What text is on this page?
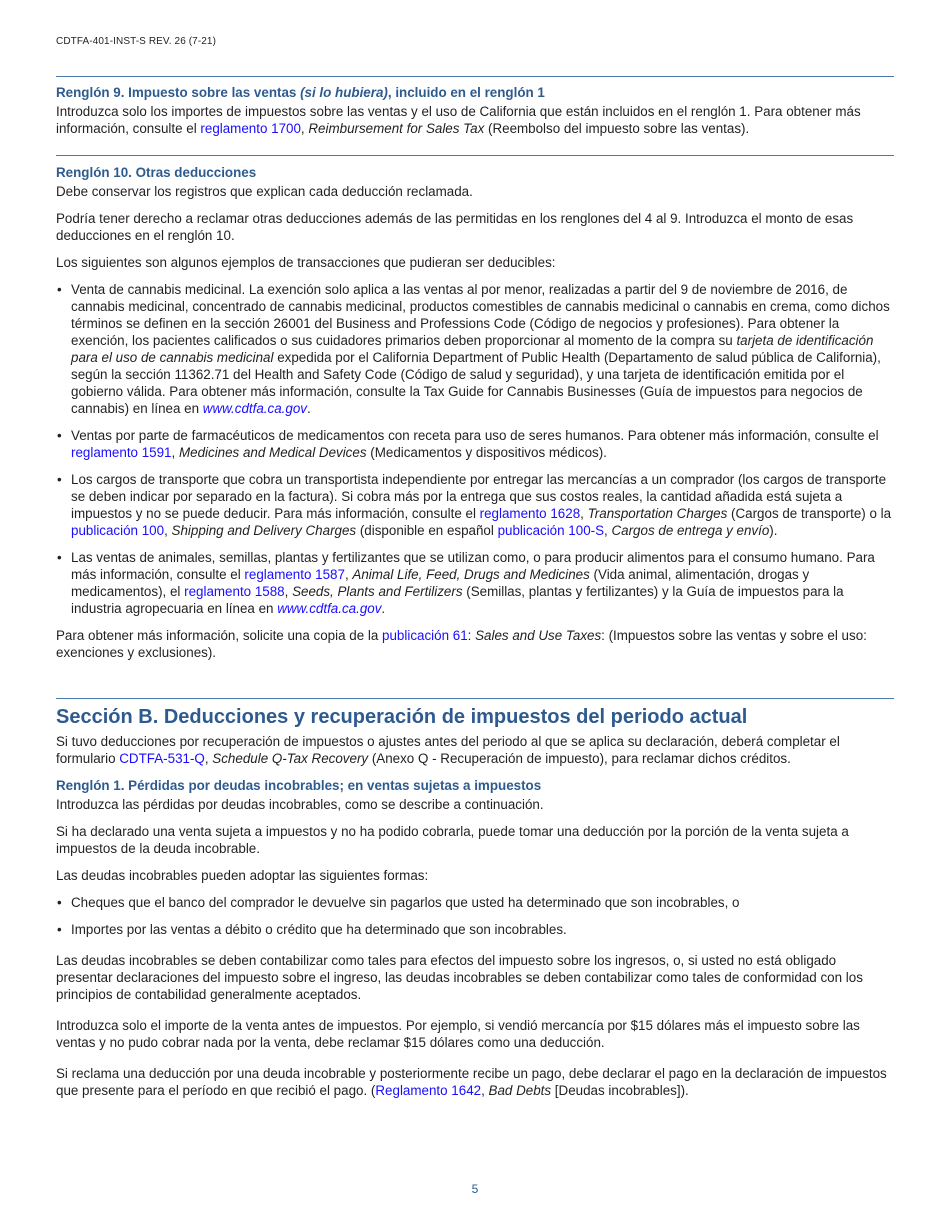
CDTFA-401-INST-S REV. 26 (7-21)
Renglón 9. Impuesto sobre las ventas (si lo hubiera), incluido en el renglón 1

Introduzca solo los importes de impuestos sobre las ventas y el uso de California que están incluidos en el renglón 1. Para obtener más información, consulte el reglamento 1700, Reimbursement for Sales Tax (Reembolso del impuesto sobre las ventas).

Renglón 10. Otras deducciones

Debe conservar los registros que explican cada deducción reclamada.

Podría tener derecho a reclamar otras deducciones además de las permitidas en los renglones del 4 al 9. Introduzca el monto de esas deducciones en el renglón 10.

Los siguientes son algunos ejemplos de transacciones que pudieran ser deducibles:

• Venta de cannabis medicinal. La exención solo aplica a las ventas al por menor, realizadas a partir del 9 de noviembre de 2016, de cannabis medicinal, concentrado de cannabis medicinal, productos comestibles de cannabis medicinal o cannabis en crema, como dichos términos se definen en la sección 26001 del Business and Professions Code (Código de negocios y profesiones). Para obtener la exención, los pacientes calificados o sus cuidadores primarios deben proporcionar al momento de la compra su tarjeta de identificación para el uso de cannabis medicinal expedida por el California Department of Public Health (Departamento de salud pública de California), según la sección 11362.71 del Health and Safety Code (Código de salud y seguridad), y una tarjeta de identificación emitida por el gobierno válida. Para obtener más información, consulte la Tax Guide for Cannabis Businesses (Guía de impuestos para negocios de cannabis) en línea en www.cdtfa.ca.gov.
• Ventas por parte de farmacéuticos de medicamentos con receta para uso de seres humanos. Para obtener más información, consulte el reglamento 1591, Medicines and Medical Devices (Medicamentos y dispositivos médicos).
• Los cargos de transporte que cobra un transportista independiente por entregar las mercancías a un comprador (los cargos de transporte se deben indicar por separado en la factura). Si cobra más por la entrega que sus costos reales, la cantidad añadida está sujeta a impuestos y no se puede deducir. Para más información, consulte el reglamento 1628, Transportation Charges (Cargos de transporte) o la publicación 100, Shipping and Delivery Charges (disponible en español publicación 100-S, Cargos de entrega y envío).
• Las ventas de animales, semillas, plantas y fertilizantes que se utilizan como, o para producir alimentos para el consumo humano. Para más información, consulte el reglamento 1587, Animal Life, Feed, Drugs and Medicines (Vida animal, alimentación, drogas y medicamentos), el reglamento 1588, Seeds, Plants and Fertilizers (Semillas, plantas y fertilizantes) y la Guía de impuestos para la industria agropecuaria en línea en www.cdtfa.ca.gov.

Para obtener más información, solicite una copia de la publicación 61: Sales and Use Taxes: (Impuestos sobre las ventas y sobre el uso: exenciones y exclusiones).

Sección B. Deducciones y recuperación de impuestos del periodo actual

Si tuvo deducciones por recuperación de impuestos o ajustes antes del periodo al que se aplica su declaración, deberá completar el formulario CDTFA-531-Q, Schedule Q-Tax Recovery (Anexo Q - Recuperación de impuesto), para reclamar dichos créditos.

Renglón 1. Pérdidas por deudas incobrables; en ventas sujetas a impuestos

Introduzca las pérdidas por deudas incobrables, como se describe a continuación.

Si ha declarado una venta sujeta a impuestos y no ha podido cobrarla, puede tomar una deducción por la porción de la venta sujeta a impuestos de la deuda incobrable.

Las deudas incobrables pueden adoptar las siguientes formas:

• Cheques que el banco del comprador le devuelve sin pagarlos que usted ha determinado que son incobrables, o
• Importes por las ventas a débito o crédito que ha determinado que son incobrables.

Las deudas incobrables se deben contabilizar como tales para efectos del impuesto sobre los ingresos, o, si usted no está obligado presentar declaraciones del impuesto sobre el ingreso, las deudas incobrables se deben contabilizar como tales de conformidad con los principios de contabilidad generalmente aceptados.

Introduzca solo el importe de la venta antes de impuestos. Por ejemplo, si vendió mercancía por $15 dólares más el impuesto sobre las ventas y no pudo cobrar nada por la venta, debe reclamar $15 dólares como una deducción.

Si reclama una deducción por una deuda incobrable y posteriormente recibe un pago, debe declarar el pago en la declaración de impuestos que presente para el período en que recibió el pago. (Reglamento 1642, Bad Debts [Deudas incobrables]).

5
